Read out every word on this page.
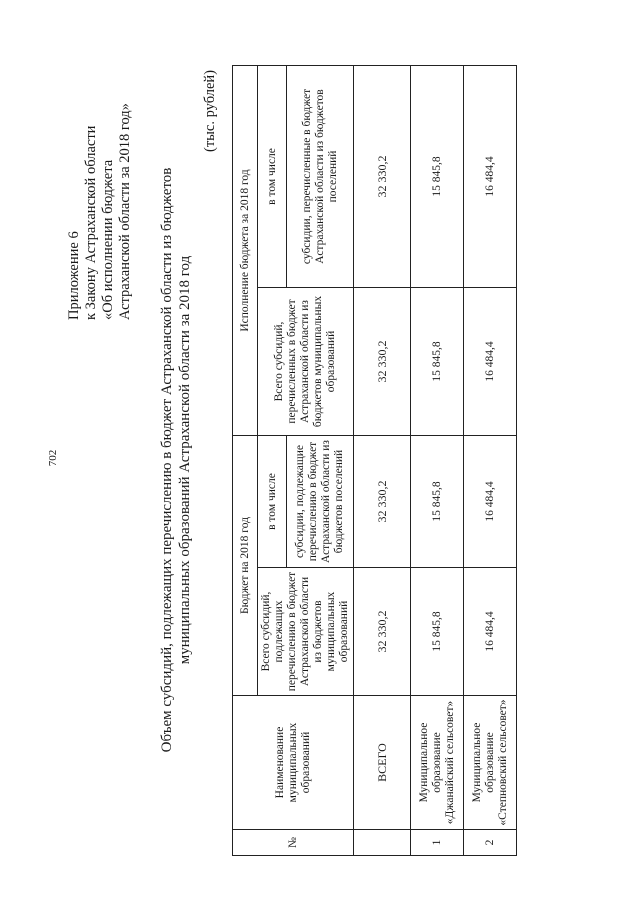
702
Приложение 6 к Закону Астраханской области «Об исполнении бюджета Астраханской области за 2018 год» Объем субсидий, подлежащих перечислению в бюджет Астраханской области из бюджетов муниципальных образований Астраханской области за 2018 год
(тыс. рублей)
№	Наименование муниципальных образований	Бюджет на 2018 год		Исполнение бюджета за 2018 год	
		Всего субсидий, подлежащих перечислению в бюджет Астраханской области из бюджетов муниципальных образований	в том числе	Всего субсидий, перечисленных в бюджет Астраханской области из бюджетов муниципальных образований	в том числе
			субсидии, подлежащие перечислению в бюджет Астраханской области из бюджетов поселений		субсидии, перечисленные в бюджет Астраханской области из бюджетов поселений
	ВСЕГО	32 330,2	32 330,2	32 330,2	32 330,2
1	Муниципальное образование «Джанайский сельсовет»	15 845,8	15 845,8	15 845,8	15 845,8
2	Муниципальное образование «Степновский сельсовет»	16 484,4	16 484,4	16 484,4	16 484,4
